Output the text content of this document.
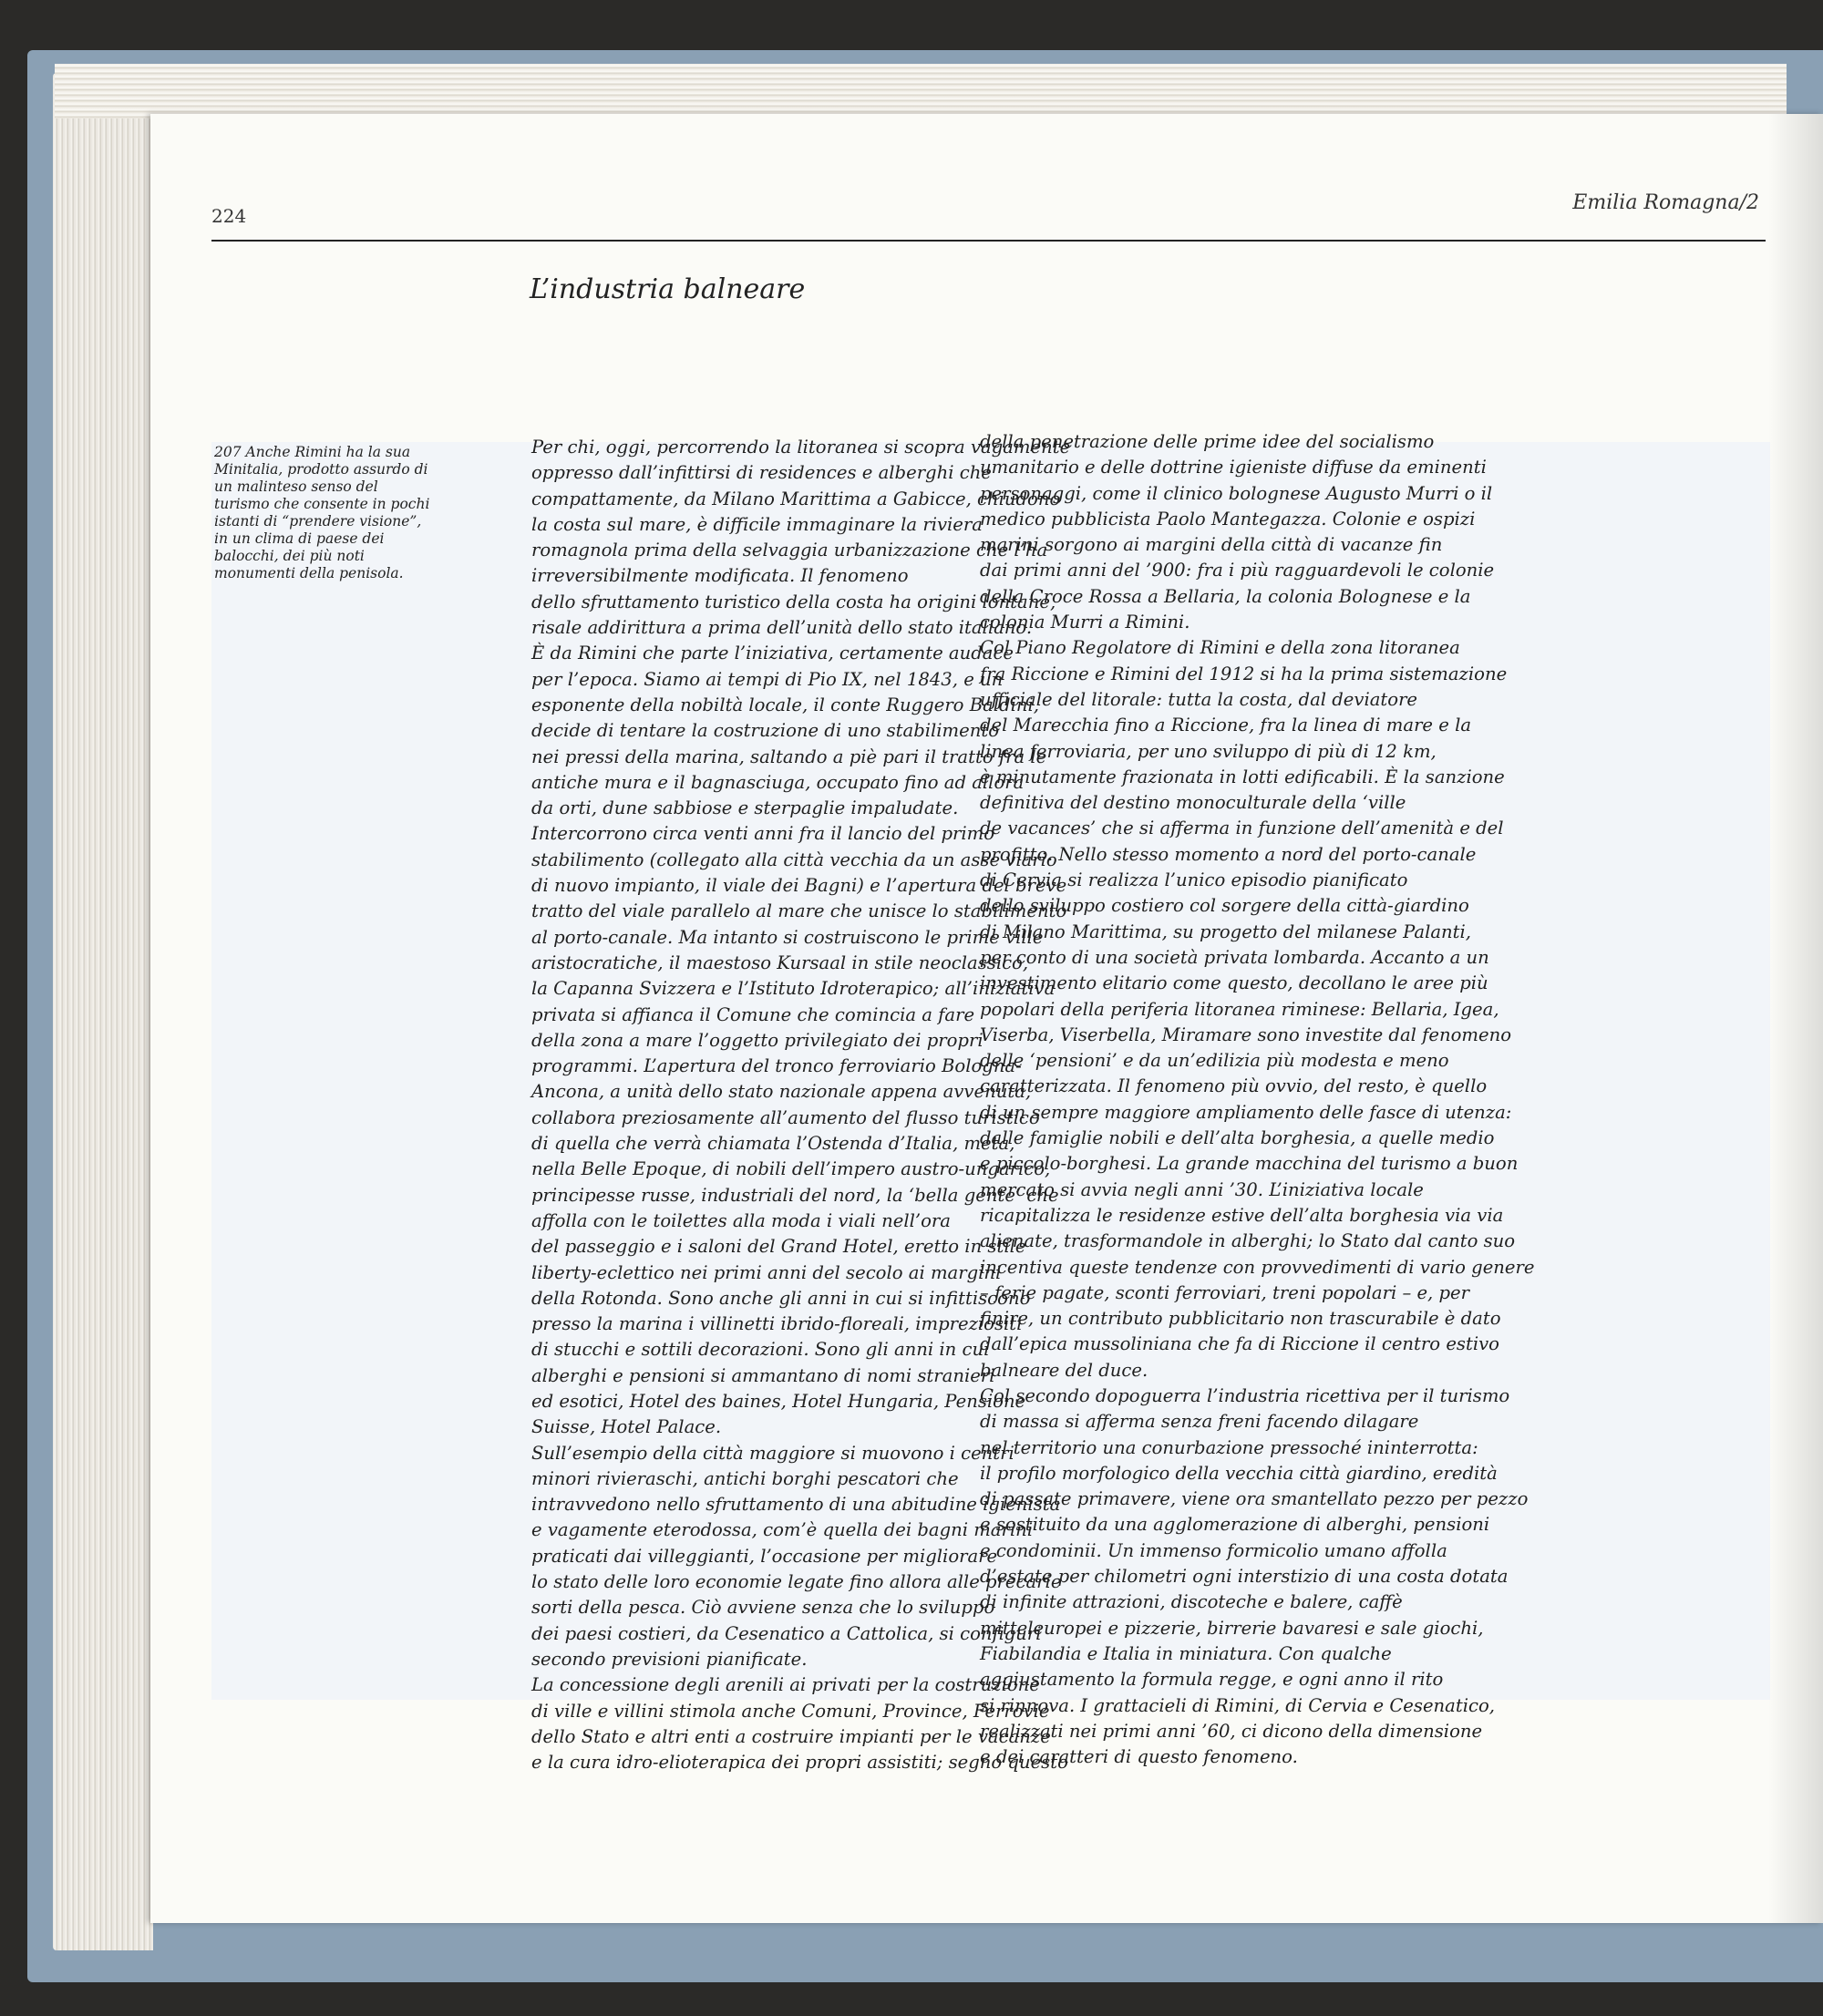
224
Emilia Romagna/2
L’industria balneare
207 Anche Rimini ha la sua Minitalia, prodotto assurdo di un malinteso senso del turismo che consente in pochi istanti di “prendere visione”, in un clima di paese dei balocchi, dei più noti monumenti della penisola.
Per chi, oggi, percorrendo la litoranea si scopra vagamente
oppresso dall’infittirsi di residences e alberghi che
compattamente, da Milano Marittima a Gabicce, chiudono
la costa sul mare, è difficile immaginare la riviera
romagnola prima della selvaggia urbanizzazione che l’ha
irreversibilmente modificata. Il fenomeno
dello sfruttamento turistico della costa ha origini lontane,
risale addirittura a prima dell’unità dello stato italiano.
È da Rimini che parte l’iniziativa, certamente audace
per l’epoca. Siamo ai tempi di Pio IX, nel 1843, e un
esponente della nobiltà locale, il conte Ruggero Baldini,
decide di tentare la costruzione di uno stabilimento
nei pressi della marina, saltando a piè pari il tratto fra le
antiche mura e il bagnasciuga, occupato fino ad allora
da orti, dune sabbiose e sterpaglie impaludate.
Intercorrono circa venti anni fra il lancio del primo
stabilimento (collegato alla città vecchia da un asse viario
di nuovo impianto, il viale dei Bagni) e l’apertura del breve
tratto del viale parallelo al mare che unisce lo stabilimento
al porto-canale. Ma intanto si costruiscono le prime ville
aristocratiche, il maestoso Kursaal in stile neoclassico,
la Capanna Svizzera e l’Istituto Idroterapico; all’iniziativa
privata si affianca il Comune che comincia a fare
della zona a mare l’oggetto privilegiato dei propri
programmi. L’apertura del tronco ferroviario Bologna-
Ancona, a unità dello stato nazionale appena avvenuta,
collabora preziosamente all’aumento del flusso turistico
di quella che verrà chiamata l’Ostenda d’Italia, meta,
nella Belle Epoque, di nobili dell’impero austro-ungarico,
principesse russe, industriali del nord, la ‘bella gente’ che
affolla con le toilettes alla moda i viali nell’ora
del passeggio e i saloni del Grand Hotel, eretto in stile
liberty-eclettico nei primi anni del secolo ai margini
della Rotonda. Sono anche gli anni in cui si infittiscono
presso la marina i villinetti ibrido-floreali, impreziositi
di stucchi e sottili decorazioni. Sono gli anni in cui
alberghi e pensioni si ammantano di nomi stranieri
ed esotici, Hotel des baines, Hotel Hungaria, Pensione
Suisse, Hotel Palace.
Sull’esempio della città maggiore si muovono i centri
minori rivieraschi, antichi borghi pescatori che
intravvedono nello sfruttamento di una abitudine igienista
e vagamente eterodossa, com’è quella dei bagni marini
praticati dai villeggianti, l’occasione per migliorare
lo stato delle loro economie legate fino allora alle precarie
sorti della pesca. Ciò avviene senza che lo sviluppo
dei paesi costieri, da Cesenatico a Cattolica, si configuri
secondo previsioni pianificate.
La concessione degli arenili ai privati per la costruzione
di ville e villini stimola anche Comuni, Province, Ferrovie
dello Stato e altri enti a costruire impianti per le vacanze
e la cura idro-elioterapica dei propri assistiti; segno questo
della penetrazione delle prime idee del socialismo
umanitario e delle dottrine igieniste diffuse da eminenti
personaggi, come il clinico bolognese Augusto Murri o il
medico pubblicista Paolo Mantegazza. Colonie e ospizi
marini sorgono ai margini della città di vacanze fin
dai primi anni del ’900: fra i più ragguardevoli le colonie
della Croce Rossa a Bellaria, la colonia Bolognese e la
colonia Murri a Rimini.
Col Piano Regolatore di Rimini e della zona litoranea
fra Riccione e Rimini del 1912 si ha la prima sistemazione
ufficiale del litorale: tutta la costa, dal deviatore
del Marecchia fino a Riccione, fra la linea di mare e la
linea ferroviaria, per uno sviluppo di più di 12 km,
è minutamente frazionata in lotti edificabili. È la sanzione
definitiva del destino monoculturale della ‘ville
de vacances’ che si afferma in funzione dell’amenità e del
profitto. Nello stesso momento a nord del porto-canale
di Cervia si realizza l’unico episodio pianificato
dello sviluppo costiero col sorgere della città-giardino
di Milano Marittima, su progetto del milanese Palanti,
per conto di una società privata lombarda. Accanto a un
investimento elitario come questo, decollano le aree più
popolari della periferia litoranea riminese: Bellaria, Igea,
Viserba, Viserbella, Miramare sono investite dal fenomeno
delle ‘pensioni’ e da un’edilizia più modesta e meno
caratterizzata. Il fenomeno più ovvio, del resto, è quello
di un sempre maggiore ampliamento delle fasce di utenza:
dalle famiglie nobili e dell’alta borghesia, a quelle medio
e piccolo-borghesi. La grande macchina del turismo a buon
mercato si avvia negli anni ’30. L’iniziativa locale
ricapitalizza le residenze estive dell’alta borghesia via via
alienate, trasformandole in alberghi; lo Stato dal canto suo
incentiva queste tendenze con provvedimenti di vario genere
– ferie pagate, sconti ferroviari, treni popolari – e, per
finire, un contributo pubblicitario non trascurabile è dato
dall’epica mussoliniana che fa di Riccione il centro estivo
balneare del duce.
Col secondo dopoguerra l’industria ricettiva per il turismo
di massa si afferma senza freni facendo dilagare
nel territorio una conurbazione pressoché ininterrotta:
il profilo morfologico della vecchia città giardino, eredità
di passate primavere, viene ora smantellato pezzo per pezzo
e sostituito da una agglomerazione di alberghi, pensioni
e condominii. Un immenso formicolio umano affolla
d’estate per chilometri ogni interstizio di una costa dotata
di infinite attrazioni, discoteche e balere, caffè
mitteleuropei e pizzerie, birrerie bavaresi e sale giochi,
Fiabilandia e Italia in miniatura. Con qualche
aggiustamento la formula regge, e ogni anno il rito
si rinnova. I grattacieli di Rimini, di Cervia e Cesenatico,
realizzati nei primi anni ’60, ci dicono della dimensione
e dei caratteri di questo fenomeno.
